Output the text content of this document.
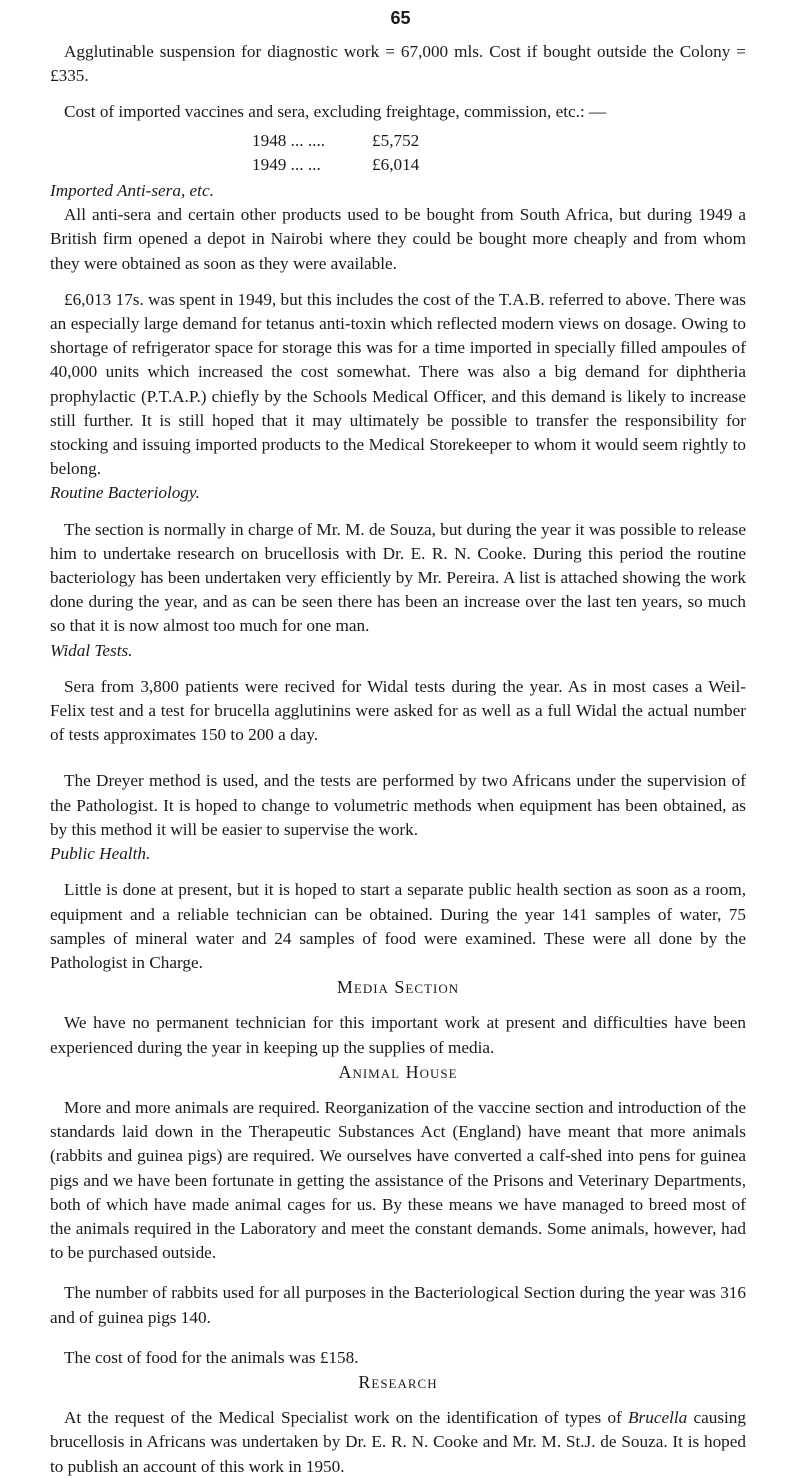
65

Agglutinable suspension for diagnostic work = 67,000 mls. Cost if bought outside the Colony = £335.

Cost of imported vaccines and sera, excluding freightage, commission, etc.: —

1948 ... ....	£5,752
1949 ... ...	£6,014

Imported Anti-sera, etc.

All anti-sera and certain other products used to be bought from South Africa, but during 1949 a British firm opened a depot in Nairobi where they could be bought more cheaply and from whom they were obtained as soon as they were available.

£6,013 17s. was spent in 1949, but this includes the cost of the T.A.B. referred to above. There was an especially large demand for tetanus anti-toxin which reflected modern views on dosage. Owing to shortage of refrigerator space for storage this was for a time imported in specially filled ampoules of 40,000 units which increased the cost somewhat. There was also a big demand for diphtheria prophylactic (P.T.A.P.) chiefly by the Schools Medical Officer, and this demand is likely to increase still further. It is still hoped that it may ultimately be possible to transfer the responsibility for stocking and issuing imported products to the Medical Storekeeper to whom it would seem rightly to belong.

Routine Bacteriology.

The section is normally in charge of Mr. M. de Souza, but during the year it was possible to release him to undertake research on brucellosis with Dr. E. R. N. Cooke. During this period the routine bacteriology has been undertaken very efficiently by Mr. Pereira. A list is attached showing the work done during the year, and as can be seen there has been an increase over the last ten years, so much so that it is now almost too much for one man.

Widal Tests.

Sera from 3,800 patients were recived for Widal tests during the year. As in most cases a Weil-Felix test and a test for brucella agglutinins were asked for as well as a full Widal the actual number of tests approximates 150 to 200 a day.

The Dreyer method is used, and the tests are performed by two Africans under the supervision of the Pathologist. It is hoped to change to volumetric methods when equipment has been obtained, as by this method it will be easier to supervise the work.

Public Health.

Little is done at present, but it is hoped to start a separate public health section as soon as a room, equipment and a reliable technician can be obtained. During the year 141 samples of water, 75 samples of mineral water and 24 samples of food were examined. These were all done by the Pathologist in Charge.

Media Section

We have no permanent technician for this important work at present and difficulties have been experienced during the year in keeping up the supplies of media.

Animal House

More and more animals are required. Reorganization of the vaccine section and introduction of the standards laid down in the Therapeutic Substances Act (England) have meant that more animals (rabbits and guinea pigs) are required. We ourselves have converted a calf-shed into pens for guinea pigs and we have been fortunate in getting the assistance of the Prisons and Veterinary Departments, both of which have made animal cages for us. By these means we have managed to breed most of the animals required in the Laboratory and meet the constant demands. Some animals, however, had to be purchased outside.

The number of rabbits used for all purposes in the Bacteriological Section during the year was 316 and of guinea pigs 140.

The cost of food for the animals was £158.

Research

At the request of the Medical Specialist work on the identification of types of Brucella causing brucellosis in Africans was undertaken by Dr. E. R. N. Cooke and Mr. M. St.J. de Souza. It is hoped to publish an account of this work in 1950.
